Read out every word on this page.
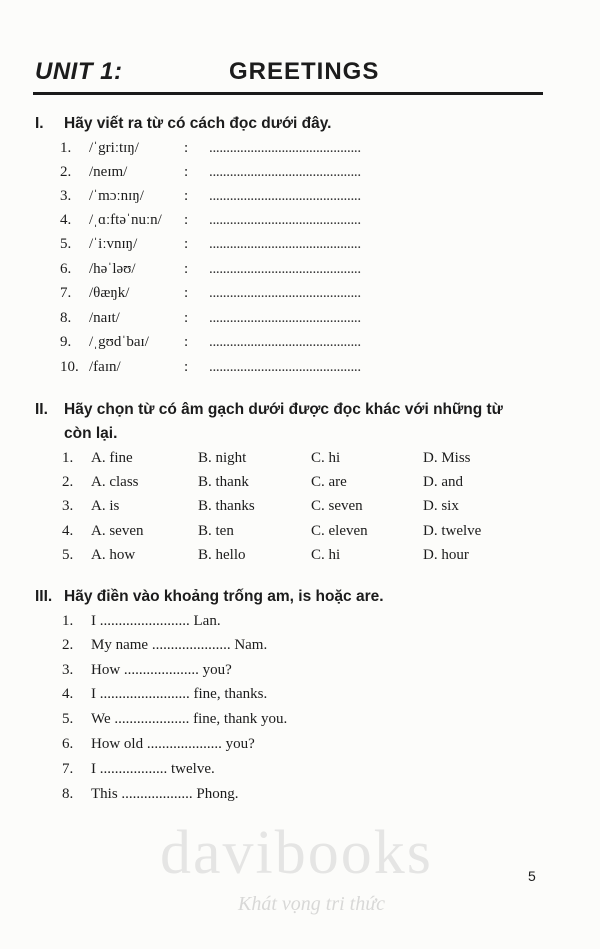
UNIT 1:	GREETINGS
I. Hãy viết ra từ có cách đọc dưới đây.
1.	/ˈgriːtɪŋ/	: ............................................
2.	/neɪm/	: ............................................
3.	/ˈmɔːnɪŋ/	: ............................................
4.	/ˌɑːftəˈnuːn/ : ............................................
5.	/ˈiːvnɪŋ/	: ............................................
6.	/həˈləʊ/	: ............................................
7.	/θæŋk/	: ............................................
8.	/naɪt/	: ............................................
9.	/ˌgʊdˈbaɪ/ : ............................................
10. /faɪn/	: ............................................
II. Hãy chọn từ có âm gạch dưới được đọc khác với những từ
còn lại.
1. A. fine	B. night	C. hi	D. Miss
2. A. class	B. thank	C. are	D. and
3. A. is	B. thanks	C. seven	D. six
4. A. seven	B. ten	C. eleven	D. twelve
5. A. how	B. hello	C. hi	D. hour
III. Hãy điền vào khoảng trống am, is hoặc are.
1. I ........................ Lan.
2. My name ..................... Nam.
3. How .................... you?
4. I ........................ fine, thanks.
5. We .................... fine, thank you.
6. How old .................... you?
7. I .................. twelve.
8. This ................... Phong.
davibooks
Khát vọng tri thức
5
